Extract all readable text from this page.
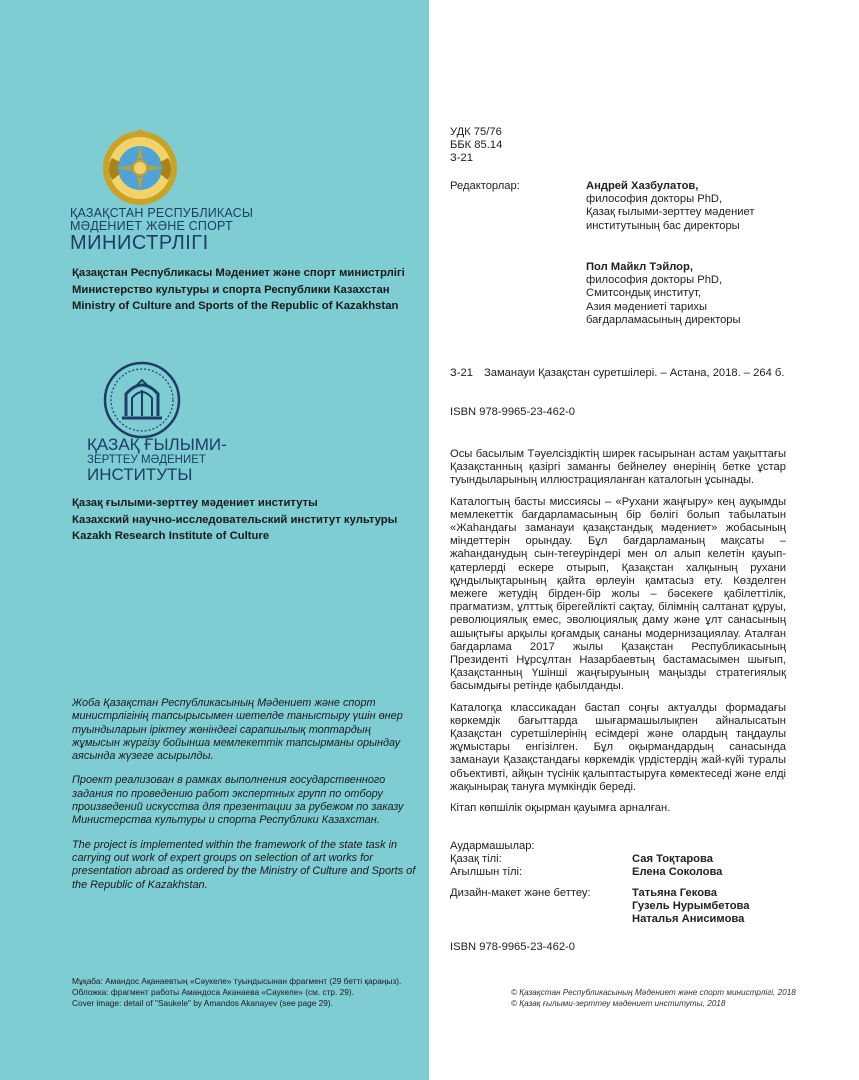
ҚАЗАҚСТАН РЕСПУБЛИКАСЫ
МӘДЕНИЕТ ЖӘНЕ СПОРТ
МИНИСТРЛІГІ
Қазақстан Республикасы Мәдениет және спорт министрлігі
Министерство культуры и спорта Республики Казахстан
Ministry of Culture and Sports of the Republic of Kazakhstan
ҚАЗАҚ ҒЫЛЫМИ-
ЗЕРТТЕУ МӘДЕНИЕТ
ИНСТИТУТЫ
Қазақ ғылыми-зерттеу мәдениет институты
Казахский научно-исследовательский институт культуры
Kazakh Research Institute of Culture

Жоба Қазақстан Республикасының Мәдениет және спорт министрлігінің тапсырысымен шетелде таныстыру үшін өнер туындыларын іріктеу жөніндегі сарапшылық топтардың жұмысын жүргізу бойынша мемлекеттік тапсырманы орындау аясында жүзеге асырылды.

Проект реализован в рамках выполнения государственного задания по проведению работ экспертных групп по отбору произведений искусства для презентации за рубежом по заказу Министерства культуры и спорта Республики Казахстан.

The project is implemented within the framework of the state task in carrying out work of expert groups on selection of art works for presentation abroad as ordered by the Ministry of Culture and Sports of the Republic of Kazakhstan.

Мұқаба: Амандос Ақанаевтың «Сәукеле» туындысынан фрагмент (29 бетті қараңыз).
Обложка: фрагмент работы Амандоса Аканаева «Саукеле» (см. стр. 29).
Cover image: detail of "Saukele" by Amandos Akanayev (see page 29).
УДК 75/76
ББК 85.14
З-21
Редакторлар:	Андрей Хазбулатов,
философия докторы PhD,
Қазақ ғылыми-зерттеу мәдениет
институтының бас директоры
Пол Майкл Тэйлор,
философия докторы PhD,
Смитсондық институт,
Азия мәдениеті тарихы
бағдарламасының директоры
З-21 Заманауи Қазақстан суретшілері. – Астана, 2018. – 264 б.
ISBN 978-9965-23-462-0

Осы басылым Тәуелсіздіктің ширек ғасырынан астам уақыттағы Қазақстанның қазіргі заманғы бейнелеу өнерінің бетке ұстар туындыларының иллюстрацияланған каталогын ұсынады.

Каталогтың басты миссиясы – «Рухани жаңғыру» кең ауқымды мемлекеттік бағдарламасының бір бөлігі болып табылатын «Жаһандағы заманауи қазақстандық мәдениет» жобасының міндеттерін орындау. Бұл бағдарламаның мақсаты – жаһанданудың сын-тегеуріндері мен ол алып келетін қауып-қатерлерді ескере отырып, Қазақстан халқының рухани құндылықтарының қайта өрлеуін қамтасыз ету. Көзделген межеге жетудің бірден-бір жолы – бәсекеге қабілеттілік, прагматизм, ұлттық бірегейлікті сақтау, білімнің салтанат құруы, революциялық емес, эволюциялық даму және ұлт санасының ашықтығы арқылы қоғамдық сананы модернизациялау. Аталған бағдарлама 2017 жылы Қазақстан Республикасының Президенті Нұрсұлтан Назарбаевтың бастамасымен шығып, Қазақстанның Үшінші жаңғыруының маңызды стратегиялық басымдығы ретінде қабылданды.

Каталогқа классикадан бастап соңғы актуалды формадағы көркемдік бағыттарда шығармашылықпен айналысатын Қазақстан суретшілерінің есімдері және олардың таңдаулы жұмыстары енгізілген. Бұл оқырмандардың санасында заманауи Қазақстандағы көркемдік үрдістердің жай-күйі туралы объективті, айқын түсінік қалыптастыруға көмектеседі және елді жақынырақ тануға мүмкіндік береді.

Кітап көпшілік оқырман қауымға арналған.

Аудармашылар:
Қазақ тілі:	Сая Тоқтарова
Ағылшын тілі:	Елена Соколова
Дизайн-макет және беттеу:	Татьяна Гекова
Гузель Нурымбетова
Наталья Анисимова
ISBN 978-9965-23-462-0
© Қазақстан Республикасының Мәдениет және спорт министрлігі, 2018
© Қазақ ғылыми-зерттеу мәдениет институты, 2018
